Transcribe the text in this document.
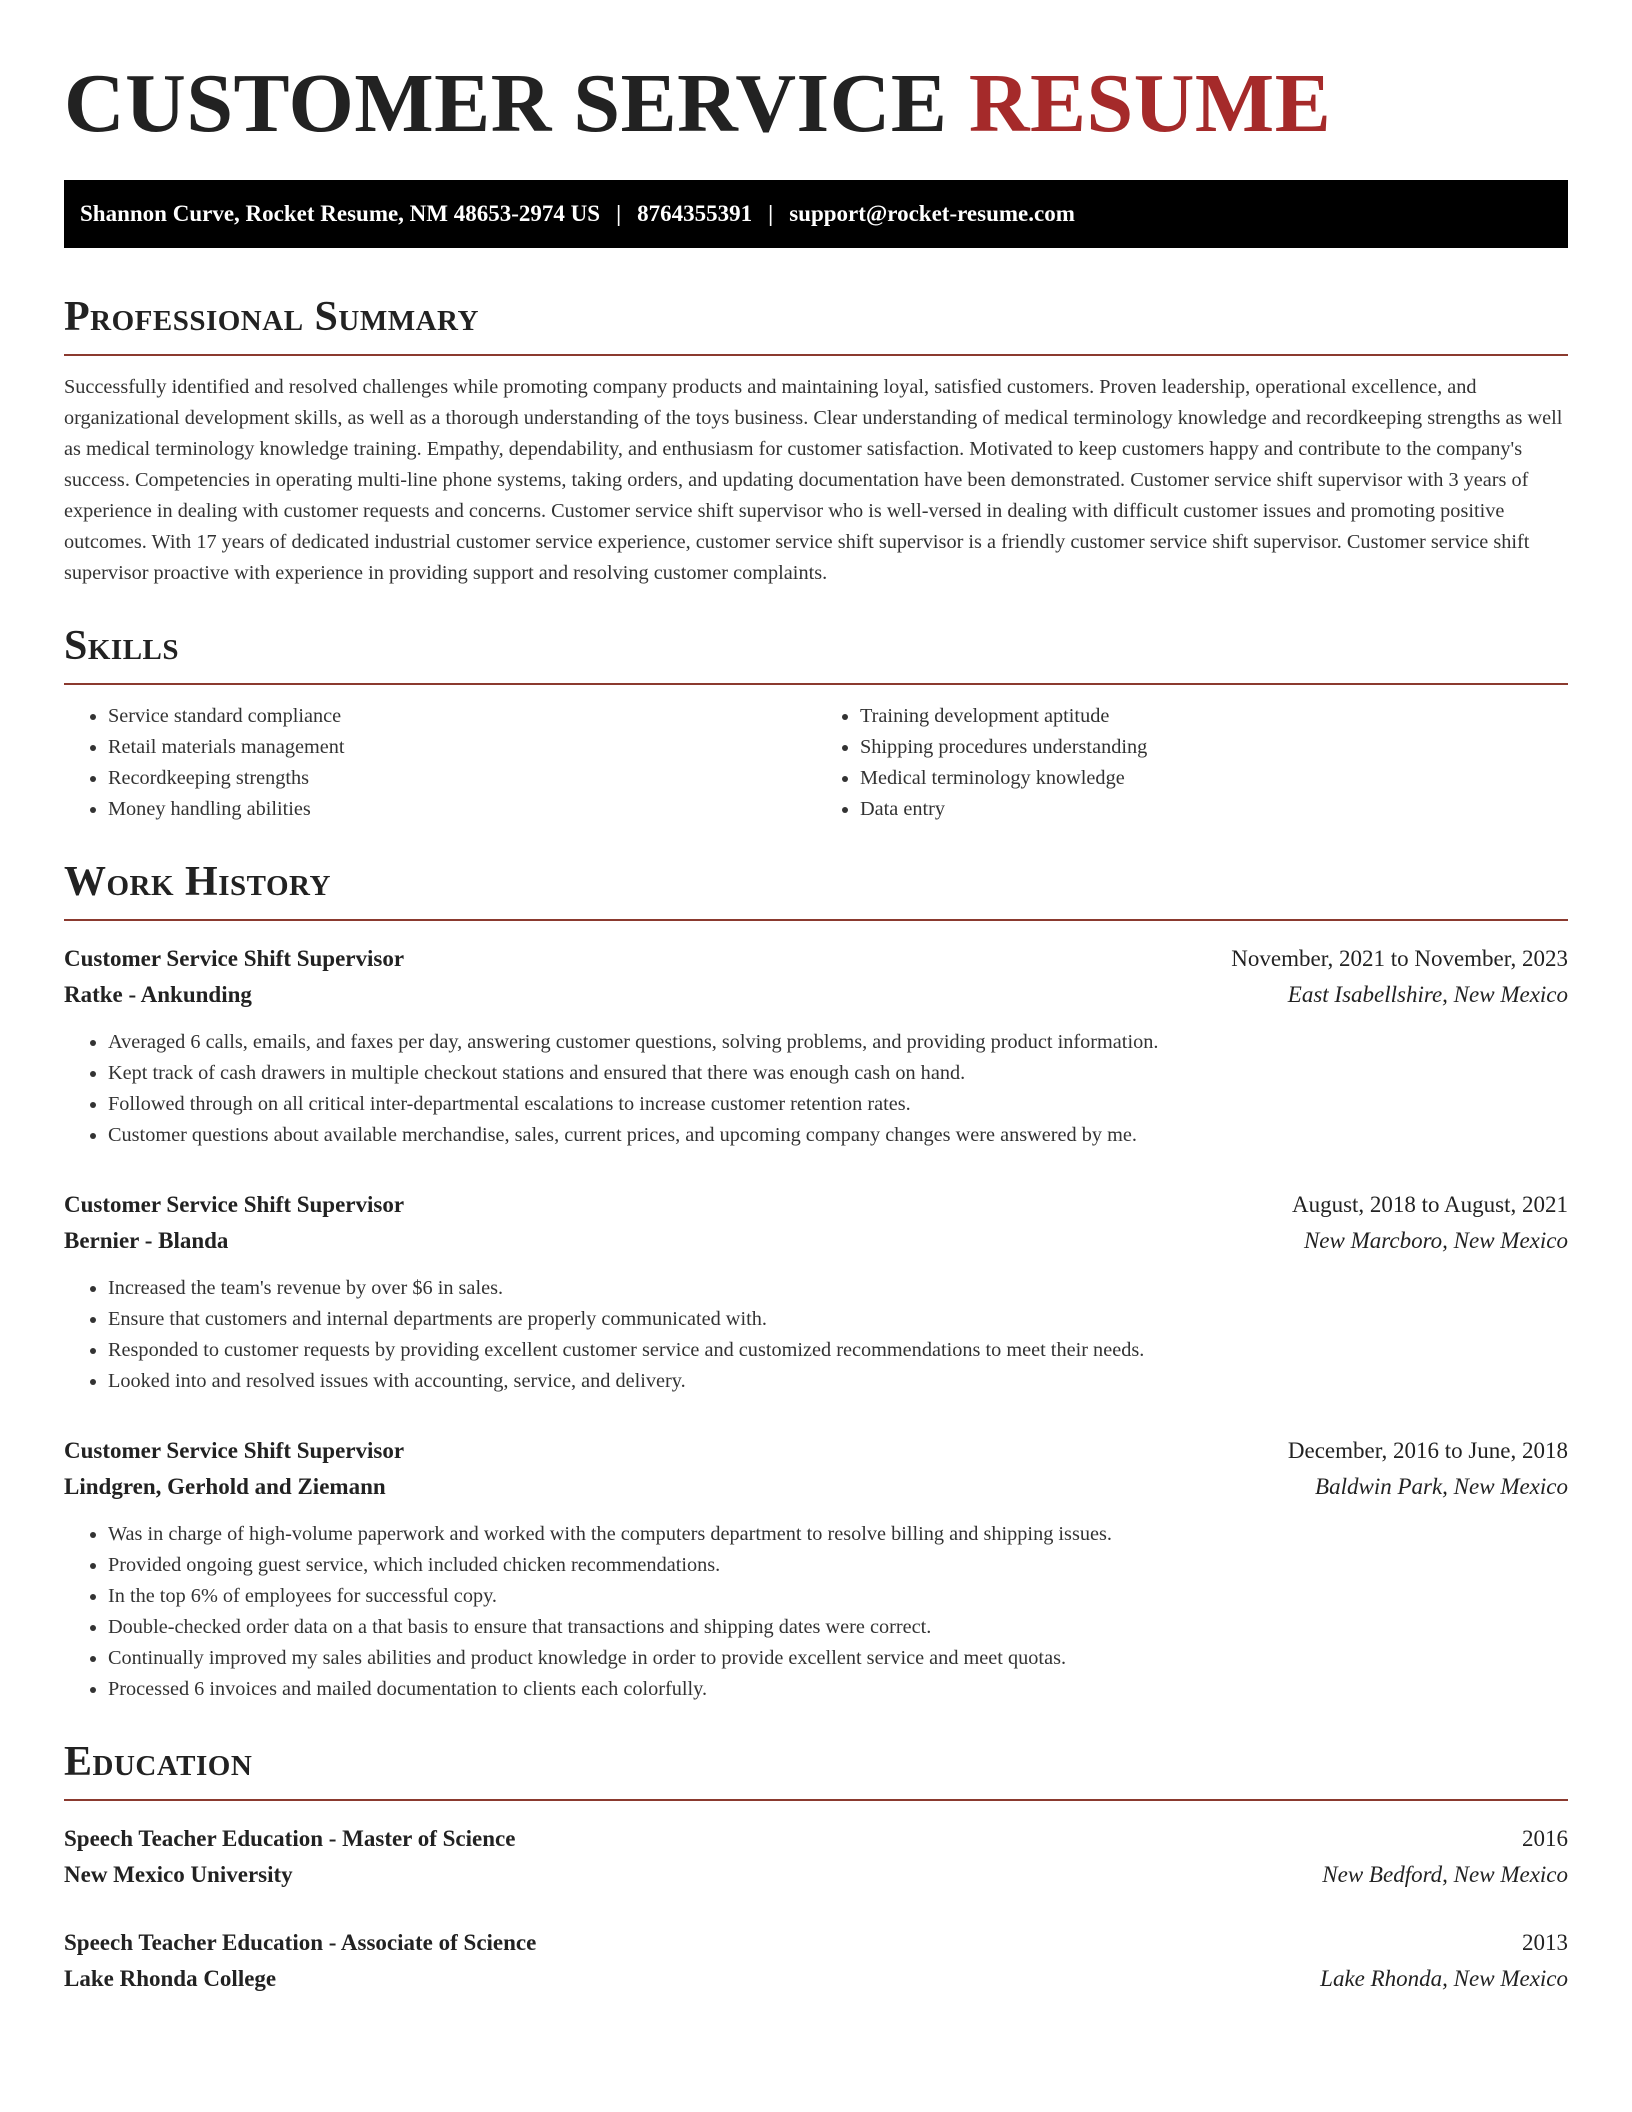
CUSTOMER SERVICE RESUME
Shannon Curve, Rocket Resume, NM 48653-2974 US | 8764355391 | support@rocket-resume.com
Professional Summary

Successfully identified and resolved challenges while promoting company products and maintaining loyal, satisfied customers. Proven leadership, operational excellence, and organizational development skills, as well as a thorough understanding of the toys business. Clear understanding of medical terminology knowledge and recordkeeping strengths as well as medical terminology knowledge training. Empathy, dependability, and enthusiasm for customer satisfaction. Motivated to keep customers happy and contribute to the company's success. Competencies in operating multi-line phone systems, taking orders, and updating documentation have been demonstrated. Customer service shift supervisor with 3 years of experience in dealing with customer requests and concerns. Customer service shift supervisor who is well-versed in dealing with difficult customer issues and promoting positive outcomes. With 17 years of dedicated industrial customer service experience, customer service shift supervisor is a friendly customer service shift supervisor. Customer service shift supervisor proactive with experience in providing support and resolving customer complaints.

Skills
• Service standard compliance
• Retail materials management
• Recordkeeping strengths
• Money handling abilities
• Training development aptitude
• Shipping procedures understanding
• Medical terminology knowledge
• Data entry
Work History
Customer Service Shift Supervisor	November, 2021 to November, 2023
Ratke - Ankunding	East Isabellshire, New Mexico
• Averaged 6 calls, emails, and faxes per day, answering customer questions, solving problems, and providing product information.
• Kept track of cash drawers in multiple checkout stations and ensured that there was enough cash on hand.
• Followed through on all critical inter-departmental escalations to increase customer retention rates.
• Customer questions about available merchandise, sales, current prices, and upcoming company changes were answered by me.
Customer Service Shift Supervisor	August, 2018 to August, 2021
Bernier - Blanda	New Marcboro, New Mexico
• Increased the team's revenue by over $6 in sales.
• Ensure that customers and internal departments are properly communicated with.
• Responded to customer requests by providing excellent customer service and customized recommendations to meet their needs.
• Looked into and resolved issues with accounting, service, and delivery.
Customer Service Shift Supervisor	December, 2016 to June, 2018
Lindgren, Gerhold and Ziemann	Baldwin Park, New Mexico
• Was in charge of high-volume paperwork and worked with the computers department to resolve billing and shipping issues.
• Provided ongoing guest service, which included chicken recommendations.
• In the top 6% of employees for successful copy.
• Double-checked order data on a that basis to ensure that transactions and shipping dates were correct.
• Continually improved my sales abilities and product knowledge in order to provide excellent service and meet quotas.
• Processed 6 invoices and mailed documentation to clients each colorfully.
Education
Speech Teacher Education - Master of Science	2016
New Mexico University	New Bedford, New Mexico
Speech Teacher Education - Associate of Science	2013
Lake Rhonda College	Lake Rhonda, New Mexico
